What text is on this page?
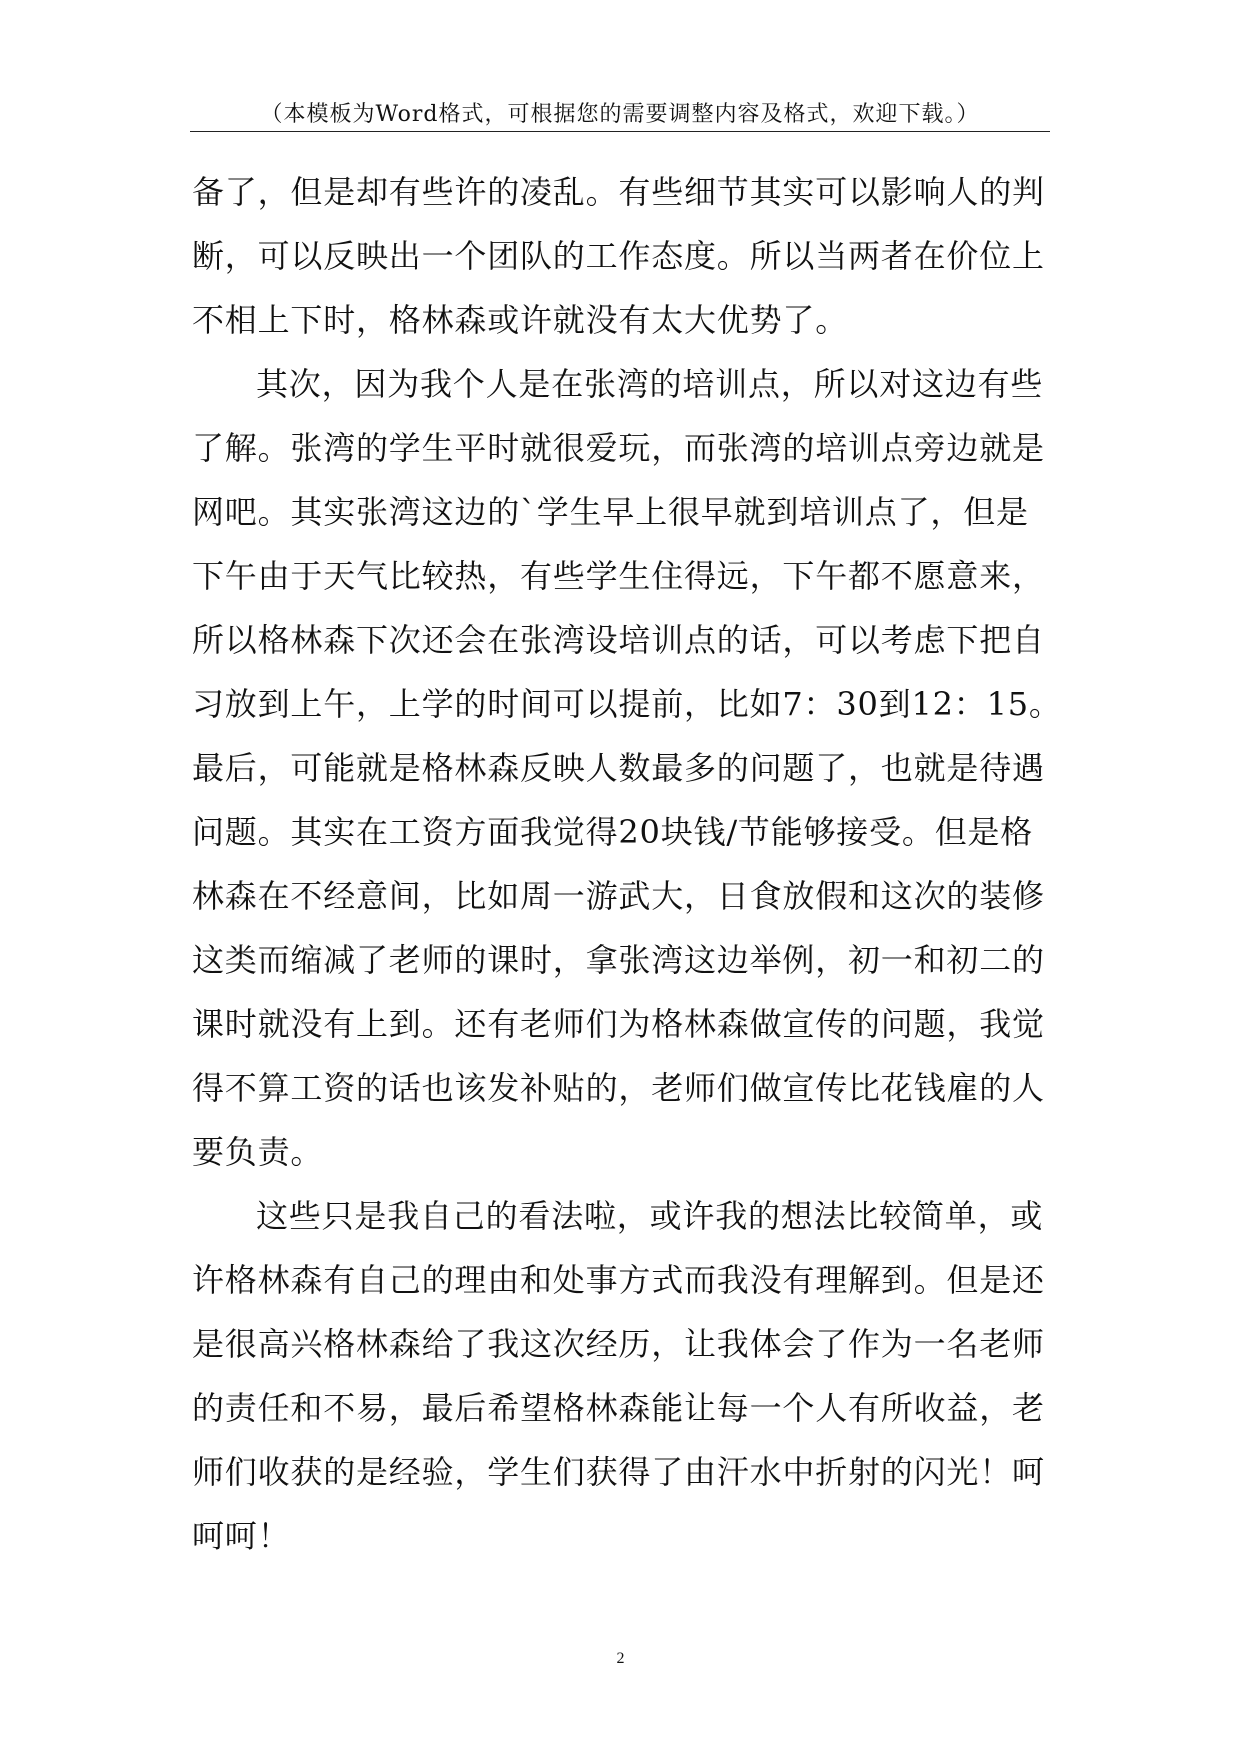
（本模板为Word格式，可根据您的需要调整内容及格式，欢迎下载。）
备了，但是却有些许的凌乱。有些细节其实可以影响人的判
断，可以反映出一个团队的工作态度。所以当两者在价位上
不相上下时，格林森或许就没有太大优势了。
其次，因为我个人是在张湾的培训点，所以对这边有些
了解。张湾的学生平时就很爱玩，而张湾的培训点旁边就是
网吧。其实张湾这边的`学生早上很早就到培训点了，但是
下午由于天气比较热，有些学生住得远，下午都不愿意来，
所以格林森下次还会在张湾设培训点的话，可以考虑下把自
习放到上午，上学的时间可以提前，比如7：30到12：15。
最后，可能就是格林森反映人数最多的问题了，也就是待遇
问题。其实在工资方面我觉得20块钱/节能够接受。但是格
林森在不经意间，比如周一游武大，日食放假和这次的装修
这类而缩减了老师的课时，拿张湾这边举例，初一和初二的
课时就没有上到。还有老师们为格林森做宣传的问题，我觉
得不算工资的话也该发补贴的，老师们做宣传比花钱雇的人
要负责。
这些只是我自己的看法啦，或许我的想法比较简单，或
许格林森有自己的理由和处事方式而我没有理解到。但是还
是很高兴格林森给了我这次经历，让我体会了作为一名老师
的责任和不易，最后希望格林森能让每一个人有所收益，老
师们收获的是经验，学生们获得了由汗水中折射的闪光！呵
呵呵！
2
